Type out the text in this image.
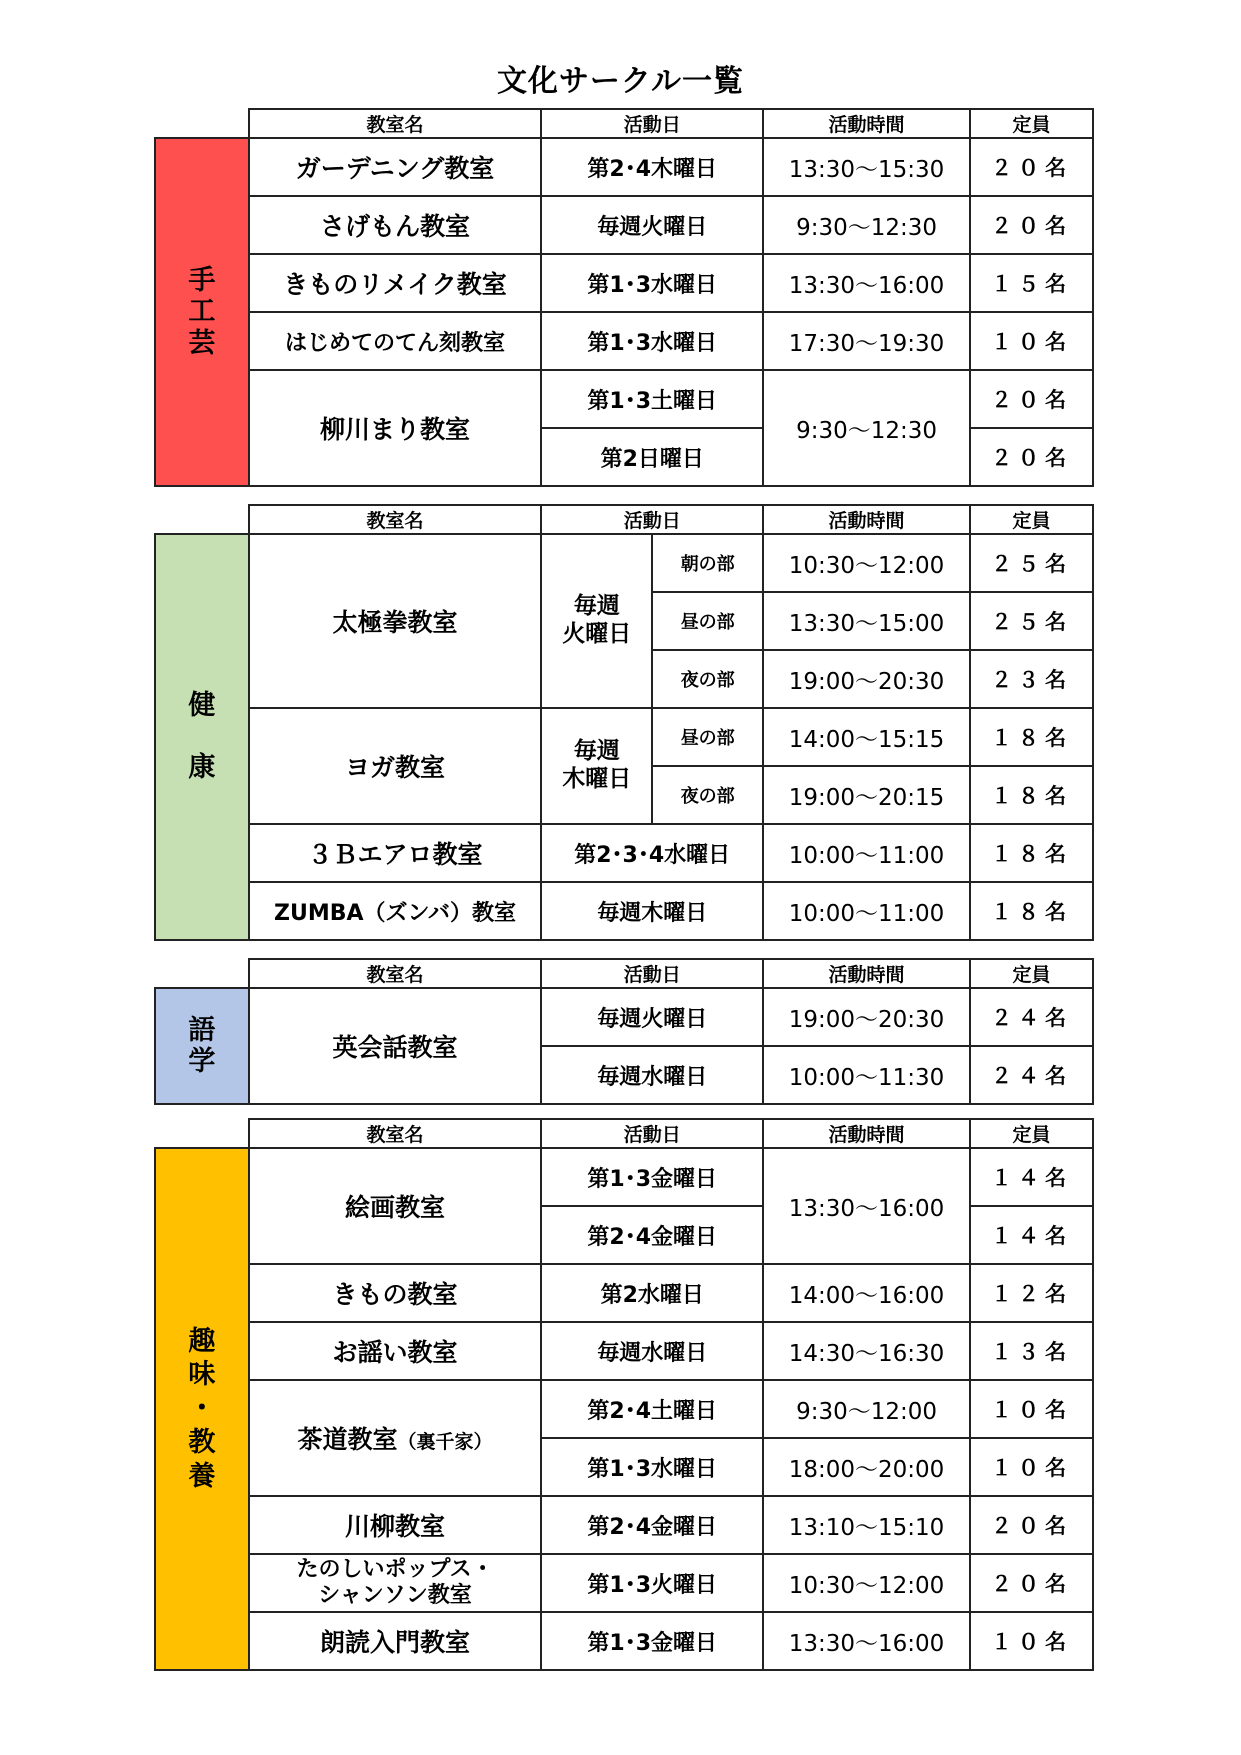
文化サークル一覧
	教室名	活動日	活動時間	定員

手
工
芸	ガーデニング教室	第2･4木曜日	13:30～15:30	２０名
	さげもん教室	毎週火曜日	9:30～12:30	２０名
	きものリメイク教室	第1･3水曜日	13:30～16:00	１５名
	はじめてのてん刻教室	第1･3水曜日	17:30～19:30	１０名
	柳川まり教室	第1･3土曜日	9:30～12:30	２０名
		第2日曜日		２０名
	教室名	活動日		活動時間	定員

健
康	太極拳教室	毎週 火曜日	朝の部	10:30～12:00	２５名
			昼の部	13:30～15:00	２５名
			夜の部	19:00～20:30	２３名
	ヨガ教室	毎週 木曜日	昼の部	14:00～15:15	１８名
			夜の部	19:00～20:15	１８名
	３Ｂエアロ教室	第2･3･4水曜日		10:00～11:00	１８名
	ZUMBA（ズンバ）教室	毎週木曜日		10:00～11:00	１８名
	教室名	活動日	活動時間	定員

語
学	英会話教室	毎週火曜日	19:00～20:30	２４名
		毎週水曜日	10:00～11:30	２４名
	教室名	活動日	活動時間	定員

趣
味
・
教
養	絵画教室	第1･3金曜日	13:30～16:00	１４名
		第2･4金曜日		１４名
	きもの教室	第2水曜日	14:00～16:00	１２名
	お謡い教室	毎週水曜日	14:30～16:30	１３名
	茶道教室（裏千家）	第2･4土曜日	9:30～12:00	１０名
		第1･3水曜日	18:00～20:00	１０名
	川柳教室	第2･4金曜日	13:10～15:10	２０名

	たのしいポップス・
シャンソン教室	第1･3火曜日	10:30～12:00	２０名
	朗読入門教室	第1･3金曜日	13:30～16:00	１０名
